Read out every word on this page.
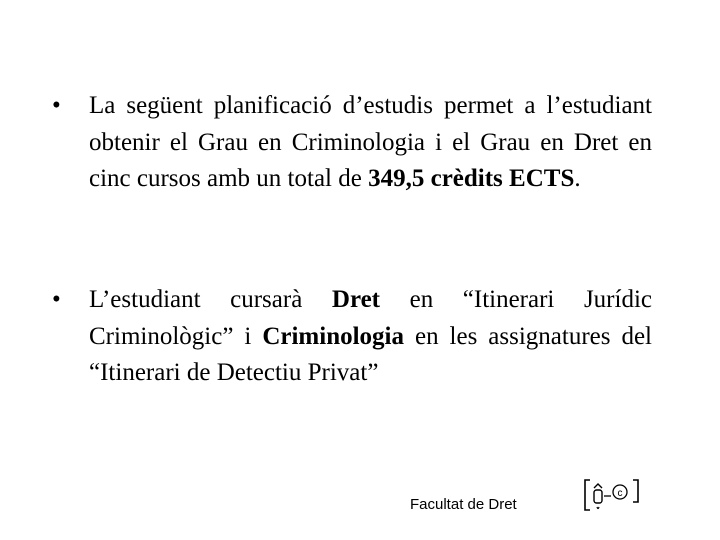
•	La següent planificació d’estudis permet a l’estudiant obtenir el Grau en Criminologia i el Grau en Dret en cinc cursos amb un total de 349,5 crèdits ECTS.
•	L’estudiant cursarà Dret en “Itinerari Jurídic Criminològic” i Criminologia en les assignatures del “Itinerari de Detectiu Privat”
Facultat de Dret
c
